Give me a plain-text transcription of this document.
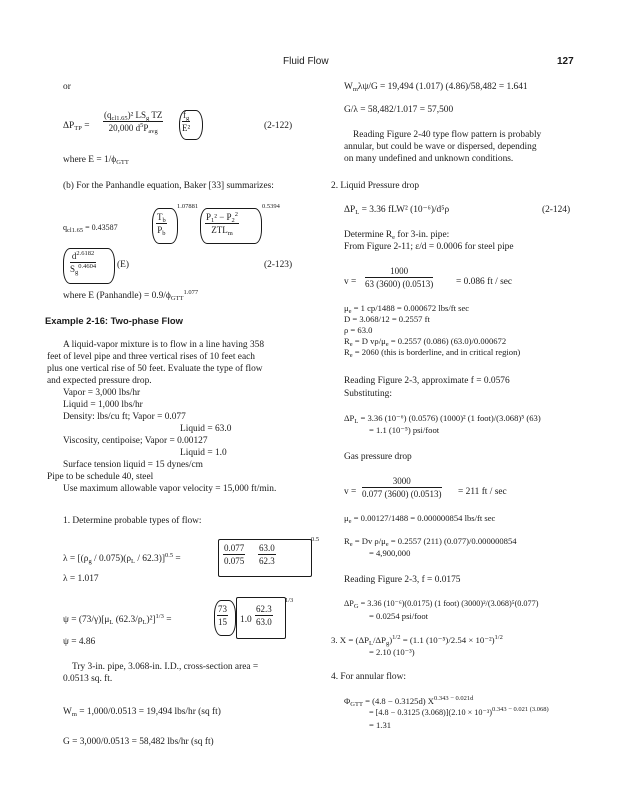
Fluid Flow	127
or
$\Delta P_{TP}$ =
$(q_{cl1.65})^2$ $LS_g$ TZ
20,000 $d^5P_{avg}$	$\frac{f_g}{\text{E²}}$	(2-122)
where $E = 1/\phi_{GTT}$
(b) For the Panhandle equation, Baker [33] summarizes:
$q_{cl1.65} = 0.43587$	$\frac{T_b}{P_b}$
1.07881
$P_1^2 - P_2^2$
$ZTL_m$
0.5394
$\frac{d^{2.6182}}{S_g^{0.4604}} (E)$	(2-123)
where E (Panhandle) = $0.9/\phi_{GTT}^{1.077}$
Example 2-16: Two-phase Flow
A liquid-vapor mixture is to flow in a line having 358
feet of level pipe and three vertical rises of 10 feet each
plus one vertical rise of 50 feet. Evaluate the type of flow
and expected pressure drop.
Vapor = 3,000 lbs/hr
Liquid = 1,000 lbs/hr
Density: lbs/cu ft; Vapor = 0.077
Liquid = 63.0
Viscosity, centipoise; Vapor = 0.00127
Liquid = 1.0
Surface tension liquid = 15 dynes/cm
Pipe to be schedule 40, steel
Use maximum allowable vapor velocity = 15,000 ft/min.
1. Determine probable types of flow:
$\lambda = [(\rho_g / 0.075)(\rho_L / 62.3)]^{0.5}$ =	$\frac{0.077}{0.075} \frac{63.0}{62.3}$
0.5
λ = 1.017
$\psi = (73/\gamma)[\mu_L$ $(62.3/\rho_L)^2]^{1/3}$ =	$\frac{73}{15} 1.0 \frac{62.3}{63.0}$
1/3
ψ = 4.86
Try 3-in. pipe, 3.068-in. I.D., cross-section area =
0.0513 sq. ft.
$W_m = 1,000/0.0513 = 19,494$ lbs/hr (sq ft)
G = 3,000/0.0513 = 58,482 lbs/hr (sq ft)
$W_m\lambda\psi/G = 19,494$ (1.017) (4.86)/58,482 = 1.641
G/λ = 58,482/1.017 = 57,500
Reading Figure 2-40 type flow pattern is probably
annular, but could be wave or dispersed, depending
on many undefined and unknown conditions.
2. Liquid Pressure drop
$\Delta P_L = 3.36$ fLW² (10⁻⁶)/d⁵ρ	(2-124)
Determine $R_e$ for 3-in. pipe:
From Figure 2-11; ε/d = 0.0006 for steel pipe
$v = \frac{1000}{63 (3600) (0.0513)} = 0.086$ ft / sec
$\mu_e = 1$ cp/1488 = 0.000672 lbs/ft sec
D = 3.068/12 = 0.2557 ft
ρ = 63.0
$R_e = D$ $v\rho/\mu_e = 0.2557$ (0.086) (63.0)/0.000672
$R_e = 2060$ (this is borderline, and in critical region)
Reading Figure 2-3, approximate f = 0.0576
Substituting:
$\Delta P_L = 3.36$ (10⁻⁶) (0.0576) (1000)² (1 foot)/(3.068)⁵ (63)
= 1.1 (10⁻⁵) psi/foot
Gas pressure drop
$v = \frac{3000}{0.077 (3600) (0.0513)} = 211$ ft / sec
$\mu_e = 0.00127/1488 = 0.000000854$ lbs/ft sec
$R_e = Dv$ $\rho/\mu_e = 0.2557$ (211) (0.077)/0.000000854
= 4,900,000
Reading Figure 2-3, f = 0.0175
$\Delta P_G = 3.36$ (10⁻⁶)(0.0175) (1 foot) (3000)²/(3.068)⁵(0.077)
= 0.0254 psi/foot
3. $X = (\Delta P_L/\Delta P_g)^{1/2} = (1.1$ (10⁻⁵)/2.54 × 10⁻²)$^{1/2}$
= 2.10 (10⁻³)
4. For annular flow:
$\Phi_{GTT} = (4.8 - 0.3125d)$ $X^{0.343 - 0.021d}$
= [4.8 − 0.3125 $(3.068)](2.10 \times 10^{-3})^{0.343 - 0.021 (3.068)}$
= 1.31
